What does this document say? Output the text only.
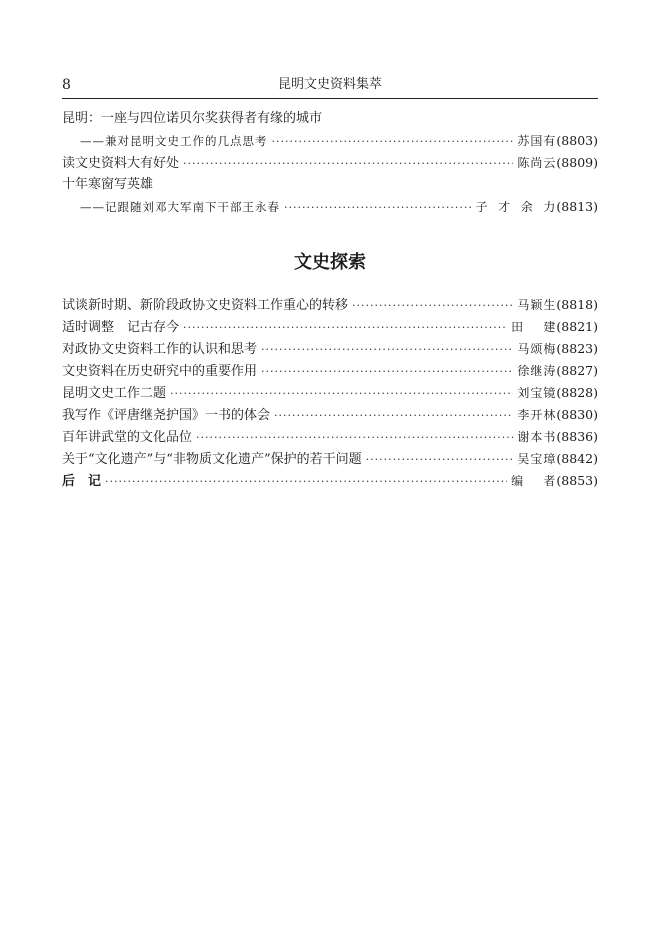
8	昆明文史资料集萃
昆明：一座与四位诺贝尔奖获得者有缘的城市
——兼对昆明文史工作的几点思考 ·····	苏国有 (8803)
读文史资料大有好处 ·····	陈尚云 (8809)
十年寒窗写英雄
——记跟随刘邓大军南下干部王永春 ·····	子  才  余  力 (8813)
文史探索
试谈新时期、新阶段政协文史资料工作重心的转移 ·····	马颖生 (8818)
适时调整　记古存今 ·····	田    建 (8821)
对政协文史资料工作的认识和思考 ·····	马颂梅 (8823)
文史资料在历史研究中的重要作用 ·····	徐继涛 (8827)
昆明文史工作二题 ·····	刘宝镜 (8828)
我写作《评唐继尧护国》一书的体会 ·····	李开林 (8830)
百年讲武堂的文化品位 ·····	谢本书 (8836)
关于“文化遗产”与“非物质文化遗产”保护的若干问题 ·····	吴宝璋 (8842)
后　记 ·····	编    者 (8853)
